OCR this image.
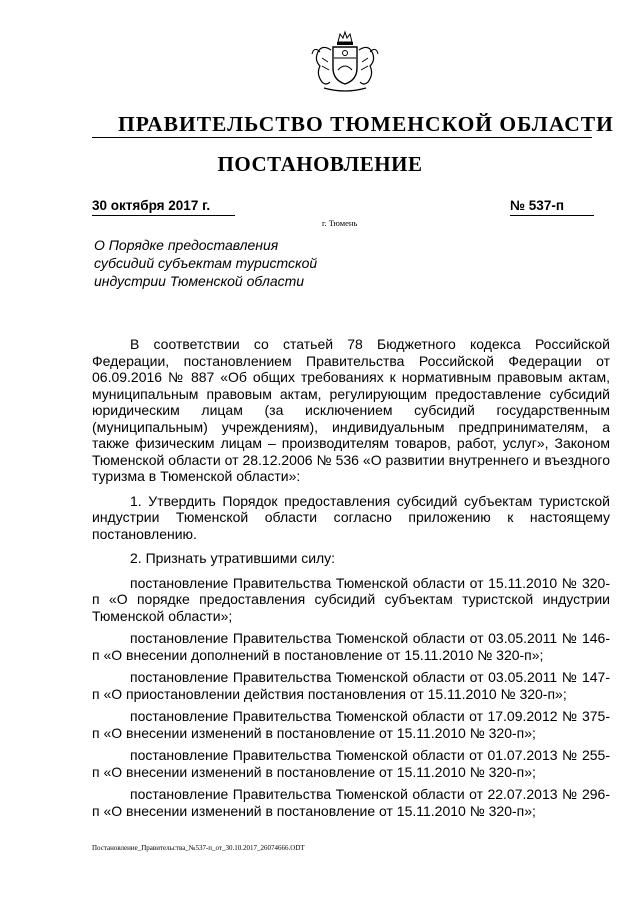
ПРАВИТЕЛЬСТВО ТЮМЕНСКОЙ ОБЛАСТИ
ПОСТАНОВЛЕНИЕ
30 октября 2017 г.	№ 537-п
г. Тюмень
О Порядке предоставления субсидий субъектам туристской индустрии Тюменской области

В соответствии со статьей 78 Бюджетного кодекса Российской Федерации, постановлением Правительства Российской Федерации от 06.09.2016 № 887 «Об общих требованиях к нормативным правовым актам, муниципальным правовым актам, регулирующим предоставление субсидий юридическим лицам (за исключением субсидий государственным (муниципальным) учреждениям), индивидуальным предпринимателям, а также физическим лицам – производителям товаров, работ, услуг», Законом Тюменской области от 28.12.2006 № 536 «О развитии внутреннего и въездного туризма в Тюменской области»:

1. Утвердить Порядок предоставления субсидий субъектам туристской индустрии Тюменской области согласно приложению к настоящему постановлению.

2. Признать утратившими силу:

постановление Правительства Тюменской области от 15.11.2010 № 320-п «О порядке предоставления субсидий субъектам туристской индустрии Тюменской области»;

постановление Правительства Тюменской области от 03.05.2011 № 146-п «О внесении дополнений в постановление от 15.11.2010 № 320-п»;

постановление Правительства Тюменской области от 03.05.2011 № 147-п «О приостановлении действия постановления от 15.11.2010 № 320-п»;

постановление Правительства Тюменской области от 17.09.2012 № 375-п «О внесении изменений в постановление от 15.11.2010 № 320-п»;

постановление Правительства Тюменской области от 01.07.2013 № 255-п «О внесении изменений в постановление от 15.11.2010 № 320-п»;

постановление Правительства Тюменской области от 22.07.2013 № 296-п «О внесении изменений в постановление от 15.11.2010 № 320-п»;

Постановление_Правительства_№537-п_от_30.10.2017_26074666.ODT
